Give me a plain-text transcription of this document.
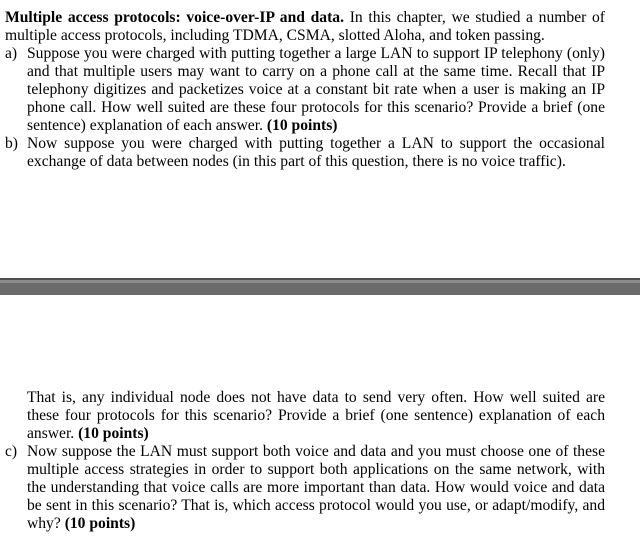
Multiple access protocols: voice-over-IP and data. In this chapter, we studied a number of multiple access protocols, including TDMA, CSMA, slotted Aloha, and token passing.

a) Suppose you were charged with putting together a large LAN to support IP telephony (only) and that multiple users may want to carry on a phone call at the same time. Recall that IP telephony digitizes and packetizes voice at a constant bit rate when a user is making an IP phone call. How well suited are these four protocols for this scenario? Provide a brief (one sentence) explanation of each answer. (10 points)
b) Now suppose you were charged with putting together a LAN to support the occasional exchange of data between nodes (in this part of this question, there is no voice traffic).

That is, any individual node does not have data to send very often. How well suited are these four protocols for this scenario? Provide a brief (one sentence) explanation of each answer. (10 points)

c) Now suppose the LAN must support both voice and data and you must choose one of these multiple access strategies in order to support both applications on the same network, with the understanding that voice calls are more important than data. How would voice and data be sent in this scenario? That is, which access protocol would you use, or adapt/modify, and why? (10 points)
